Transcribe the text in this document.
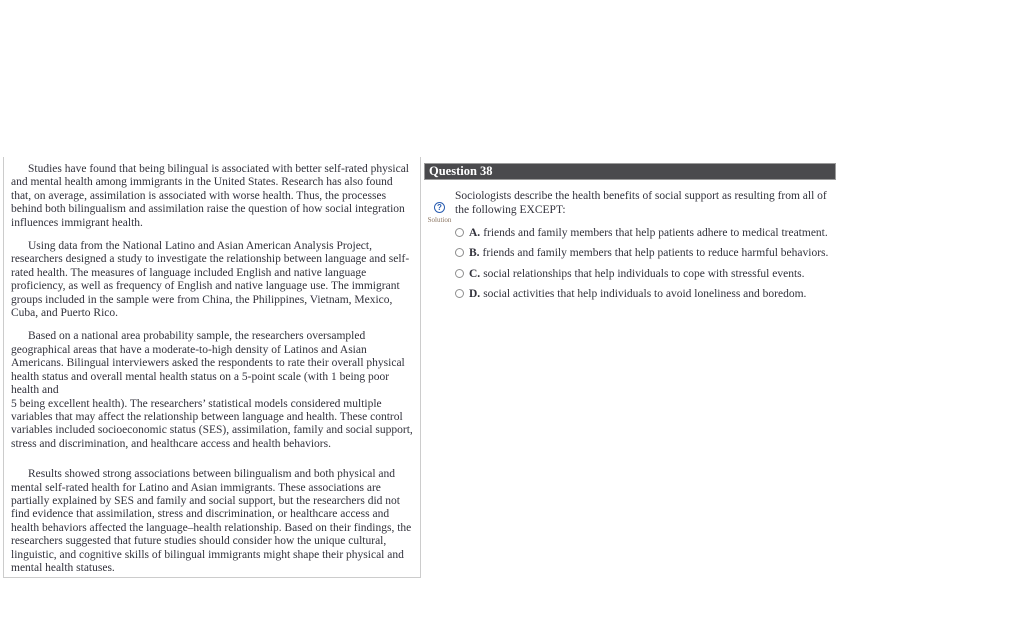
Studies have found that being bilingual is associated with better self-rated physical and mental health among immigrants in the United States. Research has also found that, on average, assimilation is associated with worse health. Thus, the processes behind both bilingualism and assimilation raise the question of how social integration influences immigrant health.

Using data from the National Latino and Asian American Analysis Project, researchers designed a study to investigate the relationship between language and self-rated health. The measures of language included English and native language proficiency, as well as frequency of English and native language use. The immigrant groups included in the sample were from China, the Philippines, Vietnam, Mexico, Cuba, and Puerto Rico.

Based on a national area probability sample, the researchers oversampled geographical areas that have a moderate-to-high density of Latinos and Asian Americans. Bilingual interviewers asked the respondents to rate their overall physical health status and overall mental health status on a 5-point scale (with 1 being poor health and

5 being excellent health). The researchers’ statistical models considered multiple variables that may affect the relationship between language and health. These control variables included socioeconomic status (SES), assimilation, family and social support, stress and discrimination, and healthcare access and health behaviors.

Results showed strong associations between bilingualism and both physical and mental self-rated health for Latino and Asian immigrants. These associations are partially explained by SES and family and social support, but the researchers did not find evidence that assimilation, stress and discrimination, or healthcare access and health behaviors affected the language–health relationship. Based on their findings, the researchers suggested that future studies should consider how the unique cultural, linguistic, and cognitive skills of bilingual immigrants might shape their physical and mental health statuses.

Question 38
?
Solution
Sociologists describe the health benefits of social support as resulting from all of the following EXCEPT:
A. friends and family members that help patients adhere to medical treatment.
B. friends and family members that help patients to reduce harmful behaviors.
C. social relationships that help individuals to cope with stressful events.
D. social activities that help individuals to avoid loneliness and boredom.
